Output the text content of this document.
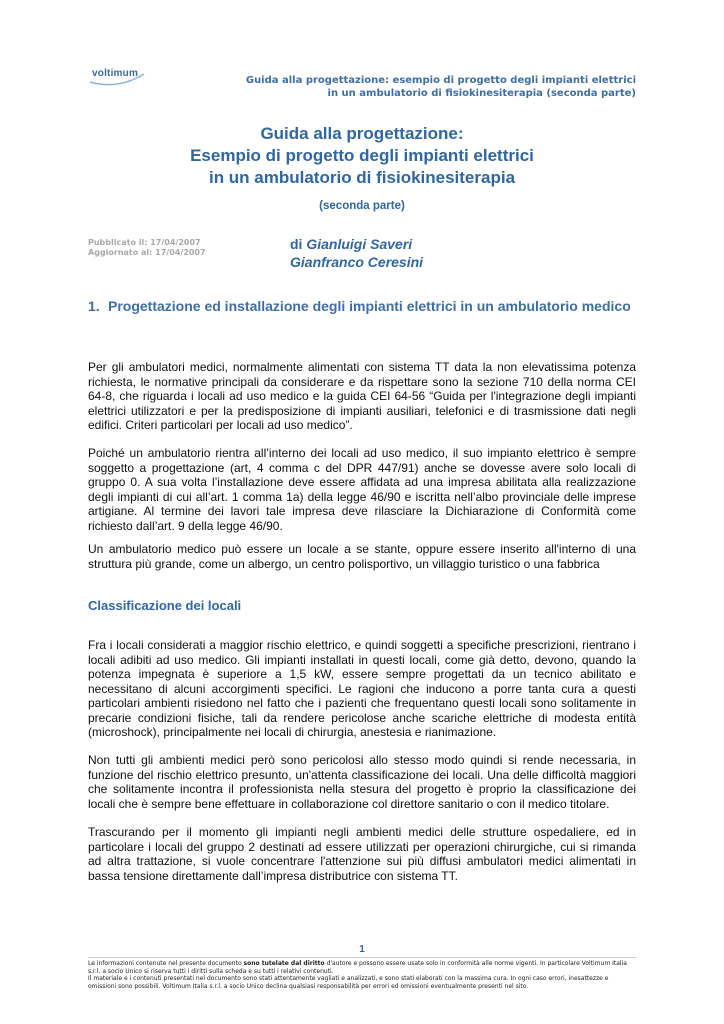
voltimum
Guida alla progettazione: esempio di progetto degli impianti elettrici
in un ambulatorio di fisiokinesiterapia (seconda parte)
Guida alla progettazione:
Esempio di progetto degli impianti elettrici
in un ambulatorio di fisiokinesiterapia
(seconda parte)
Pubblicato il: 17/04/2007
Aggiornato al: 17/04/2007
di Gianluigi Saveri
Gianfranco Ceresini
1. Progettazione ed installazione degli impianti elettrici in un ambulatorio medico

Per gli ambulatori medici, normalmente alimentati con sistema TT data la non elevatissima potenza richiesta, le normative principali da considerare e da rispettare sono la sezione 710 della norma CEI 64-8, che riguarda i locali ad uso medico e la guida CEI 64-56 “Guida per l'integrazione degli impianti elettrici utilizzatori e per la predisposizione di impianti ausiliari, telefonici e di trasmissione dati negli edifici. Criteri particolari per locali ad uso medico”.

Poiché un ambulatorio rientra all’interno dei locali ad uso medico, il suo impianto elettrico è sempre soggetto a progettazione (art, 4 comma c del DPR 447/91) anche se dovesse avere solo locali di gruppo 0. A sua volta l’installazione deve essere affidata ad una impresa abilitata alla realizzazione degli impianti di cui all’art. 1 comma 1a) della legge 46/90 e iscritta nell’albo provinciale delle imprese artigiane. Al termine dei lavori tale impresa deve rilasciare la Dichiarazione di Conformità come richiesto dall’art. 9 della legge 46/90.

Un ambulatorio medico può essere un locale a se stante, oppure essere inserito all'interno di una struttura più grande, come un albergo, un centro polisportivo, un villaggio turistico o una fabbrica

Classificazione dei locali

Fra i locali considerati a maggior rischio elettrico, e quindi soggetti a specifiche prescrizioni, rientrano i locali adibiti ad uso medico. Gli impianti installati in questi locali, come già detto, devono, quando la potenza impegnata è superiore a 1,5 kW, essere sempre progettati da un tecnico abilitato e necessitano di alcuni accorgimenti specifici. Le ragioni che inducono a porre tanta cura a questi particolari ambienti risiedono nel fatto che i pazienti che frequentano questi locali sono solitamente in precarie condizioni fisiche, tali da rendere pericolose anche scariche elettriche di modesta entità (microshock), principalmente nei locali di chirurgia, anestesia e rianimazione.

Non tutti gli ambienti medici però sono pericolosi allo stesso modo quindi si rende necessaria, in funzione del rischio elettrico presunto, un'attenta classificazione dei locali. Una delle difficoltà maggiori che solitamente incontra il professionista nella stesura del progetto è proprio la classificazione dei locali che è sempre bene effettuare in collaborazione col direttore sanitario o con il medico titolare.

Trascurando per il momento gli impianti negli ambienti medici delle strutture ospedaliere, ed in particolare i locali del gruppo 2 destinati ad essere utilizzati per operazioni chirurgiche, cui si rimanda ad altra trattazione, si vuole concentrare l'attenzione sui più diffusi ambulatori medici alimentati in bassa tensione direttamente dall’impresa distributrice con sistema TT.

1
Le informazioni contenute nel presente documento sono tutelate dal diritto d'autore e possono essere usate solo in conformità alle norme vigenti. In particolare Voltimum Italia s.r.l. a socio Unico si riserva tutti i diritti sulla scheda e su tutti i relativi contenuti.
Il materiale e i contenuti presentati nel documento sono stati attentamente vagliati e analizzati, e sono stati elaborati con la massima cura. In ogni caso errori, inesattezze e omissioni sono possibili. Voltimum Italia s.r.l. a socio Unico declina qualsiasi responsabilità per errori ed omissioni eventualmente presenti nel sito.
